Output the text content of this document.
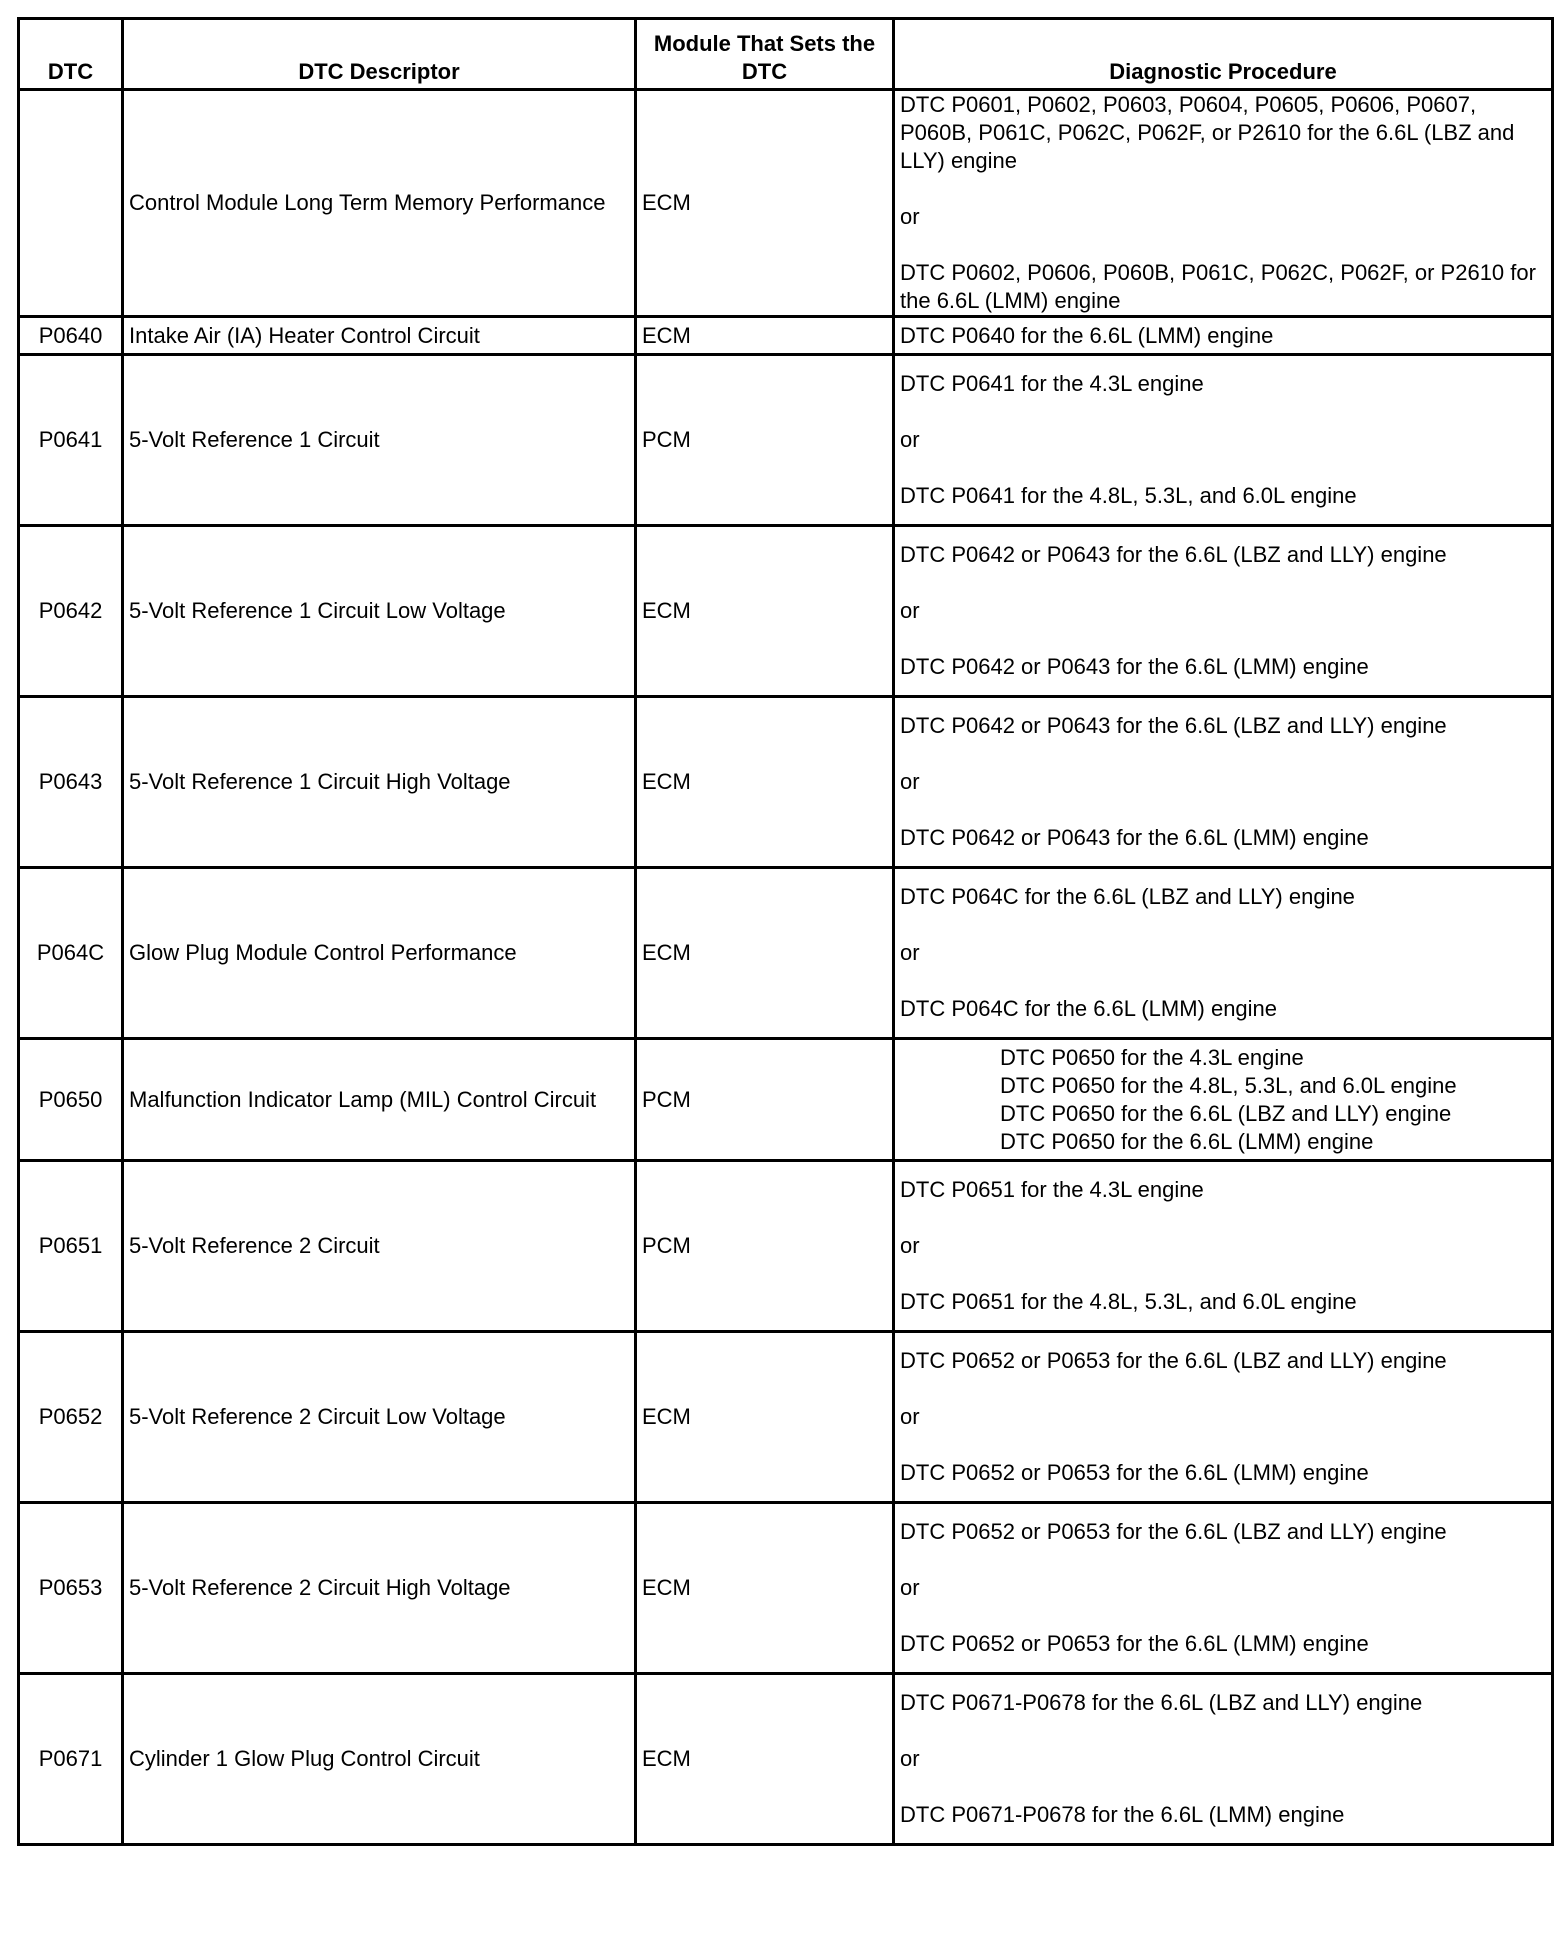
DTC	DTC Descriptor	Module That Sets the DTC	Diagnostic Procedure
	Control Module Long Term Memory Performance	ECM	DTC P0601, P0602, P0603, P0604, P0605, P0606, P0607, P060B, P061C, P062C, P062F, or P2610 for the 6.6L (LBZ and LLY) engine
or
DTC P0602, P0606, P060B, P061C, P062C, P062F, or P2610 for the 6.6L (LMM) engine

P0640	Intake Air (IA) Heater Control Circuit	ECM	DTC P0640 for the 6.6L (LMM) engine

P0641	5-Volt Reference 1 Circuit	PCM	DTC P0641 for the 4.3L engine
or
DTC P0641 for the 4.8L, 5.3L, and 6.0L engine

P0642	5-Volt Reference 1 Circuit Low Voltage	ECM	DTC P0642 or P0643 for the 6.6L (LBZ and LLY) engine
or
DTC P0642 or P0643 for the 6.6L (LMM) engine

P0643	5-Volt Reference 1 Circuit High Voltage	ECM	DTC P0642 or P0643 for the 6.6L (LBZ and LLY) engine
or
DTC P0642 or P0643 for the 6.6L (LMM) engine

P064C	Glow Plug Module Control Performance	ECM	DTC P064C for the 6.6L (LBZ and LLY) engine
or
DTC P064C for the 6.6L (LMM) engine

P0650	Malfunction Indicator Lamp (MIL) Control Circuit	PCM	DTC P0650 for the 4.3L engine
DTC P0650 for the 4.8L, 5.3L, and 6.0L engine
DTC P0650 for the 6.6L (LBZ and LLY) engine
DTC P0650 for the 6.6L (LMM) engine

P0651	5-Volt Reference 2 Circuit	PCM	DTC P0651 for the 4.3L engine
or
DTC P0651 for the 4.8L, 5.3L, and 6.0L engine

P0652	5-Volt Reference 2 Circuit Low Voltage	ECM	DTC P0652 or P0653 for the 6.6L (LBZ and LLY) engine
or
DTC P0652 or P0653 for the 6.6L (LMM) engine

P0653	5-Volt Reference 2 Circuit High Voltage	ECM	DTC P0652 or P0653 for the 6.6L (LBZ and LLY) engine
or
DTC P0652 or P0653 for the 6.6L (LMM) engine

P0671	Cylinder 1 Glow Plug Control Circuit	ECM	DTC P0671-P0678 for the 6.6L (LBZ and LLY) engine
or
DTC P0671-P0678 for the 6.6L (LMM) engine
